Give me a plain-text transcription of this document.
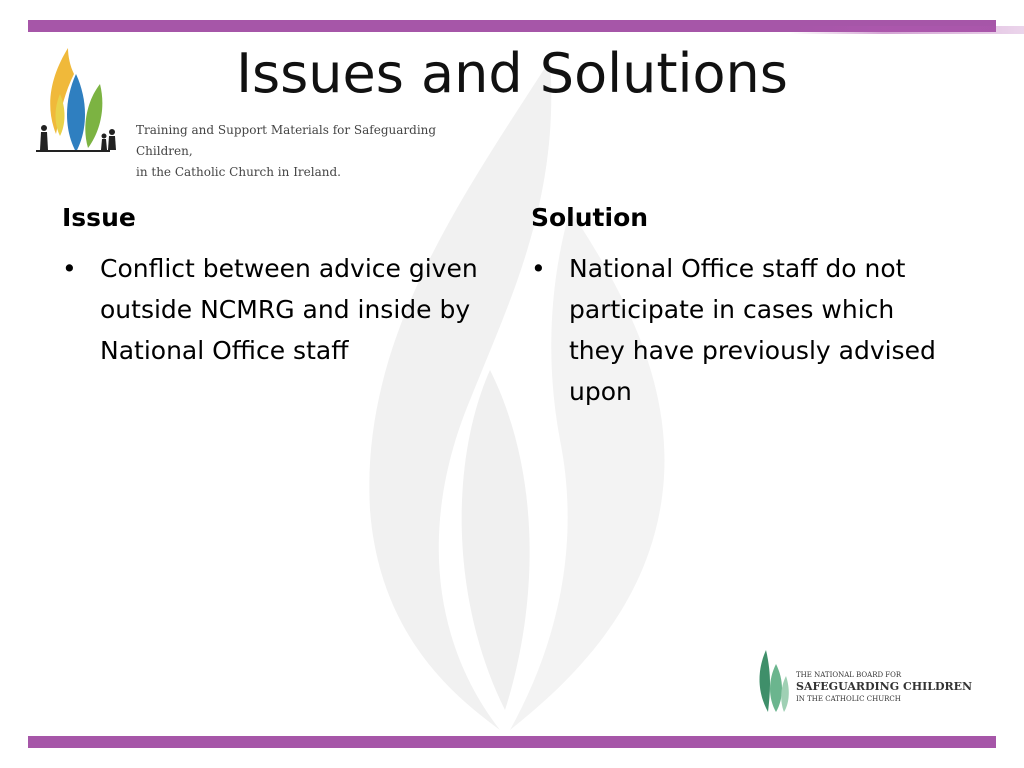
Issues and Solutions
Training and Support Materials for Safeguarding Children,
in the Catholic Church in Ireland.
Issue
• Conflict between advice given outside NCMRG and inside by National Office staff
Solution
• National Office staff do not participate in cases which they have previously advised upon
THE NATIONAL BOARD FOR
SAFEGUARDING CHILDREN
IN THE CATHOLIC CHURCH
